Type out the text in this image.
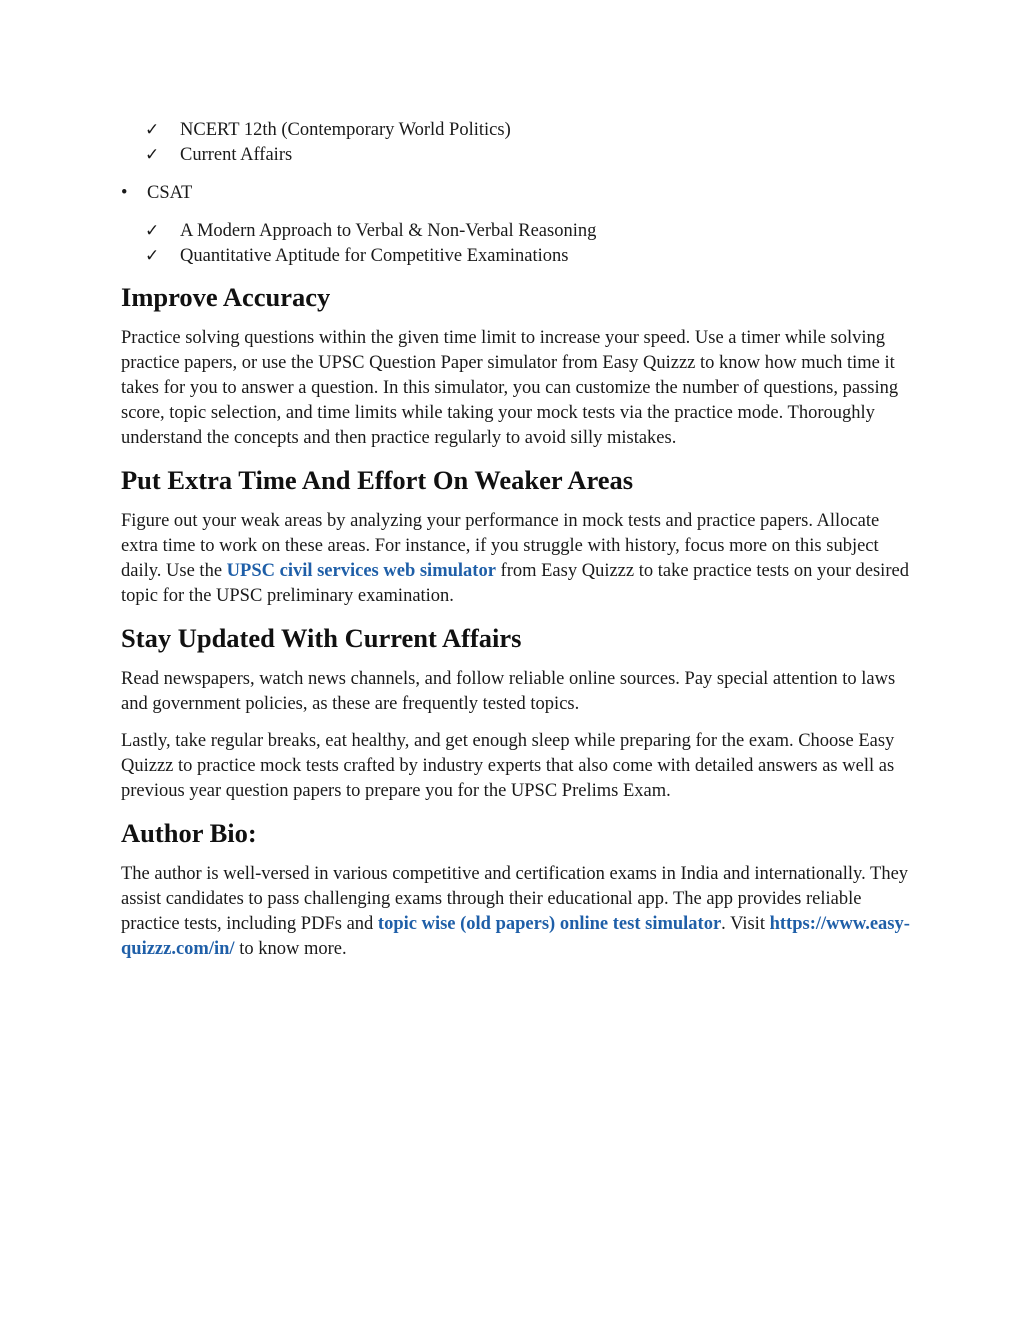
✓	NCERT 12th (Contemporary World Politics)
✓	Current Affairs
•	CSAT
✓	A Modern Approach to Verbal & Non-Verbal Reasoning
✓	Quantitative Aptitude for Competitive Examinations
Improve Accuracy

Practice solving questions within the given time limit to increase your speed. Use a timer while solving practice papers, or use the UPSC Question Paper simulator from Easy Quizzz to know how much time it takes for you to answer a question. In this simulator, you can customize the number of questions, passing score, topic selection, and time limits while taking your mock tests via the practice mode. Thoroughly understand the concepts and then practice regularly to avoid silly mistakes.

Put Extra Time And Effort On Weaker Areas

Figure out your weak areas by analyzing your performance in mock tests and practice papers. Allocate extra time to work on these areas. For instance, if you struggle with history, focus more on this subject daily. Use the UPSC civil services web simulator from Easy Quizzz to take practice tests on your desired topic for the UPSC preliminary examination.

Stay Updated With Current Affairs

Read newspapers, watch news channels, and follow reliable online sources. Pay special attention to laws and government policies, as these are frequently tested topics.

Lastly, take regular breaks, eat healthy, and get enough sleep while preparing for the exam. Choose Easy Quizzz to practice mock tests crafted by industry experts that also come with detailed answers as well as previous year question papers to prepare you for the UPSC Prelims Exam.

Author Bio:

The author is well-versed in various competitive and certification exams in India and internationally. They assist candidates to pass challenging exams through their educational app. The app provides reliable practice tests, including PDFs and topic wise (old papers) online test simulator. Visit https://www.easy-quizzz.com/in/ to know more.
